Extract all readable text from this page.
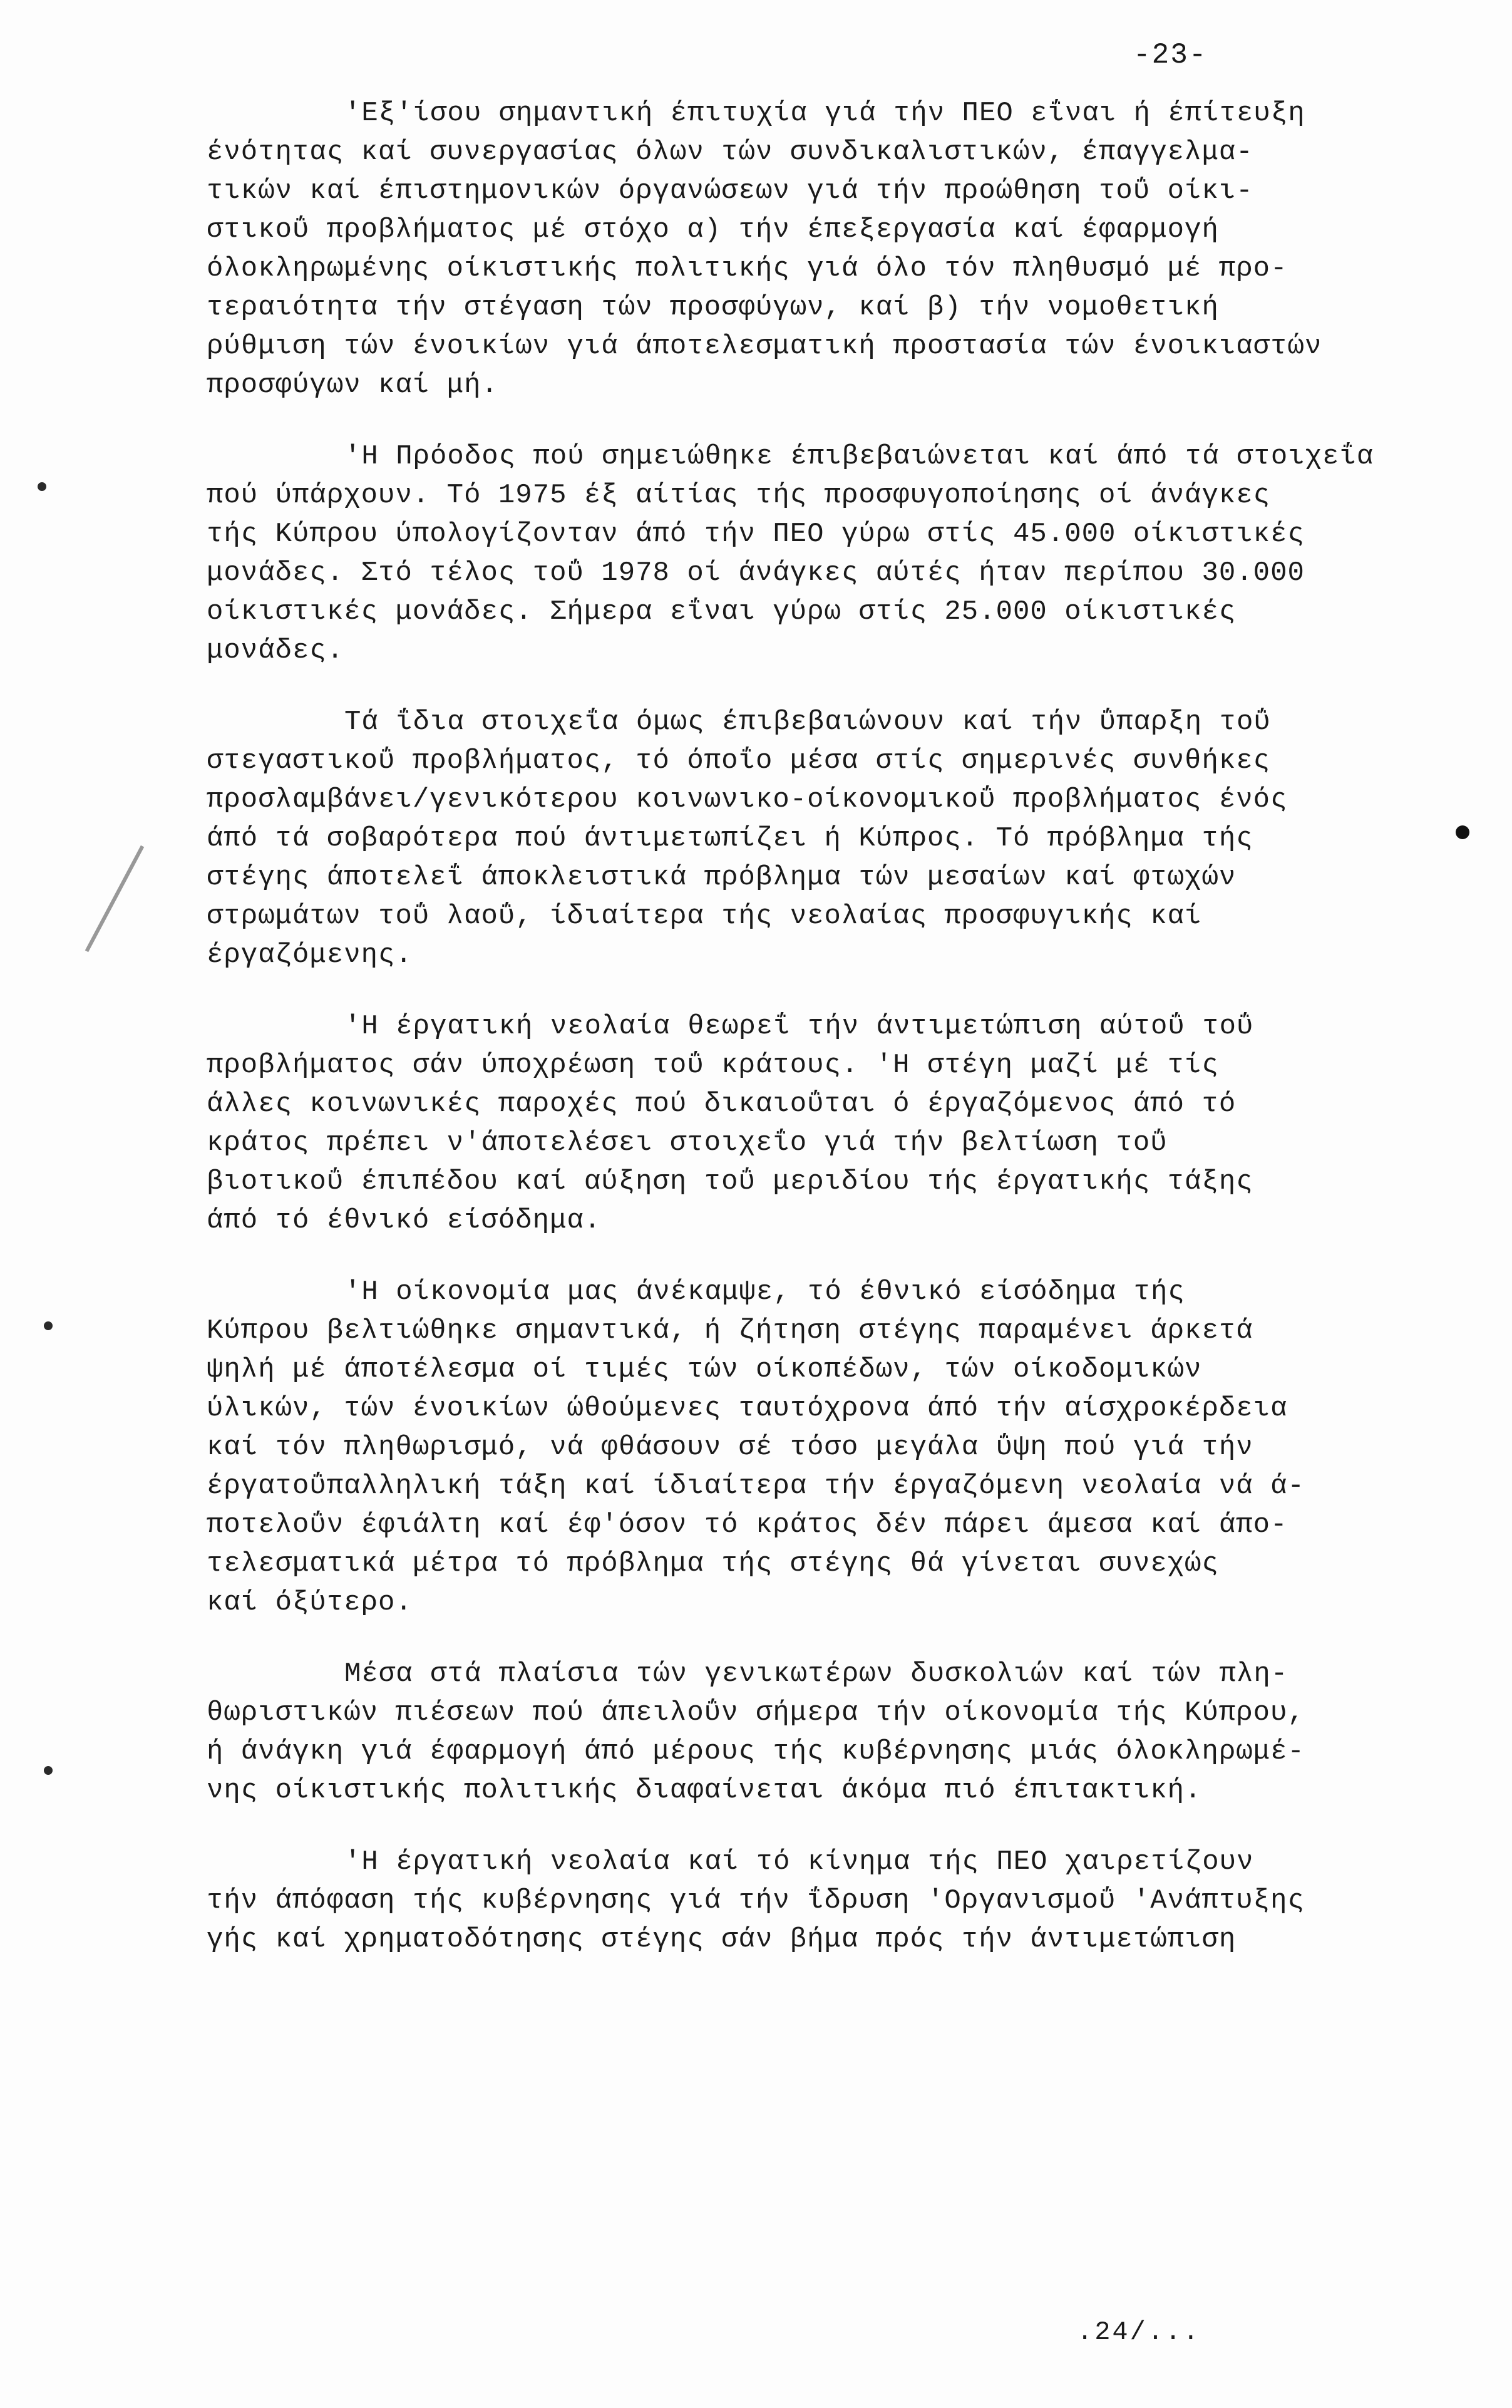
-23-
'Εξ'ίσου σημαντική έπιτυχία γιά τήν ΠΕΟ εΐναι ή έπίτευξη
ένότητας καί συνεργασίας όλων τών συνδικαλιστικών, έπαγγελμα-
τικών καί έπιστημονικών όργανώσεων γιά τήν προώθηση τοΰ οίκι-
στικοΰ προβλήματος μέ στόχο α) τήν έπεξεργασία καί έφαρμογή
όλοκληρωμένης οίκιστικής πολιτικής γιά όλο τόν πληθυσμό μέ προ-
τεραιότητα τήν στέγαση τών προσφύγων, καί β) τήν νομοθετική
ρύθμιση τών ένοικίων γιά άποτελεσματική προστασία τών ένοικιαστών
προσφύγων καί μή.
'Η Πρόοδος πού σημειώθηκε έπιβεβαιώνεται καί άπό τά στοιχεΐα
πού ύπάρχουν. Τό 1975 έξ αίτίας τής προσφυγοποίησης οί άνάγκες
τής Κύπρου ύπολογίζονταν άπό τήν ΠΕΟ γύρω στίς 45.000 οίκιστικές
μονάδες. Στό τέλος τοΰ 1978 οί άνάγκες αύτές ήταν περίπου 30.000
οίκιστικές μονάδες. Σήμερα εΐναι γύρω στίς 25.000 οίκιστικές
μονάδες.
Τά ΐδια στοιχεΐα όμως έπιβεβαιώνουν καί τήν ΰπαρξη τοΰ
στεγαστικοΰ προβλήματος, τό όποΐο μέσα στίς σημερινές συνθήκες
προσλαμβάνει/γενικότερου κοινωνικο-οίκονομικοΰ προβλήματος ένός
άπό τά σοβαρότερα πού άντιμετωπίζει ή Κύπρος. Τό πρόβλημα τής
στέγης άποτελεΐ άποκλειστικά πρόβλημα τών μεσαίων καί φτωχών
στρωμάτων τοΰ λαοΰ, ίδιαίτερα τής νεολαίας προσφυγικής καί
έργαζόμενης.
'Η έργατική νεολαία θεωρεΐ τήν άντιμετώπιση αύτοΰ τοΰ
προβλήματος σάν ύποχρέωση τοΰ κράτους. 'Η στέγη μαζί μέ τίς
άλλες κοινωνικές παροχές πού δικαιοΰται ό έργαζόμενος άπό τό
κράτος πρέπει ν'άποτελέσει στοιχεΐο γιά τήν βελτίωση τοΰ
βιοτικοΰ έπιπέδου καί αύξηση τοΰ μεριδίου τής έργατικής τάξης
άπό τό έθνικό είσόδημα.
'Η οίκονομία μας άνέκαμψε, τό έθνικό είσόδημα τής
Κύπρου βελτιώθηκε σημαντικά, ή ζήτηση στέγης παραμένει άρκετά
ψηλή μέ άποτέλεσμα οί τιμές τών οίκοπέδων, τών οίκοδομικών
ύλικών, τών ένοικίων ώθούμενες ταυτόχρονα άπό τήν αίσχροκέρδεια
καί τόν πληθωρισμό, νά φθάσουν σέ τόσο μεγάλα ΰψη πού γιά τήν
έργατοΰπαλληλική τάξη καί ίδιαίτερα τήν έργαζόμενη νεολαία νά ά-
ποτελοΰν έφιάλτη καί έφ'όσον τό κράτος δέν πάρει άμεσα καί άπο-
τελεσματικά μέτρα τό πρόβλημα τής στέγης θά γίνεται συνεχώς
καί όξύτερο.
Μέσα στά πλαίσια τών γενικωτέρων δυσκολιών καί τών πλη-
θωριστικών πιέσεων πού άπειλοΰν σήμερα τήν οίκονομία τής Κύπρου,
ή άνάγκη γιά έφαρμογή άπό μέρους τής κυβέρνησης μιάς όλοκληρωμέ-
νης οίκιστικής πολιτικής διαφαίνεται άκόμα πιό έπιτακτική.
'Η έργατική νεολαία καί τό κίνημα τής ΠΕΟ χαιρετίζουν
τήν άπόφαση τής κυβέρνησης γιά τήν ΐδρυση 'Οργανισμοΰ 'Ανάπτυξης
γής καί χρηματοδότησης στέγης σάν βήμα πρός τήν άντιμετώπιση
.24/...
